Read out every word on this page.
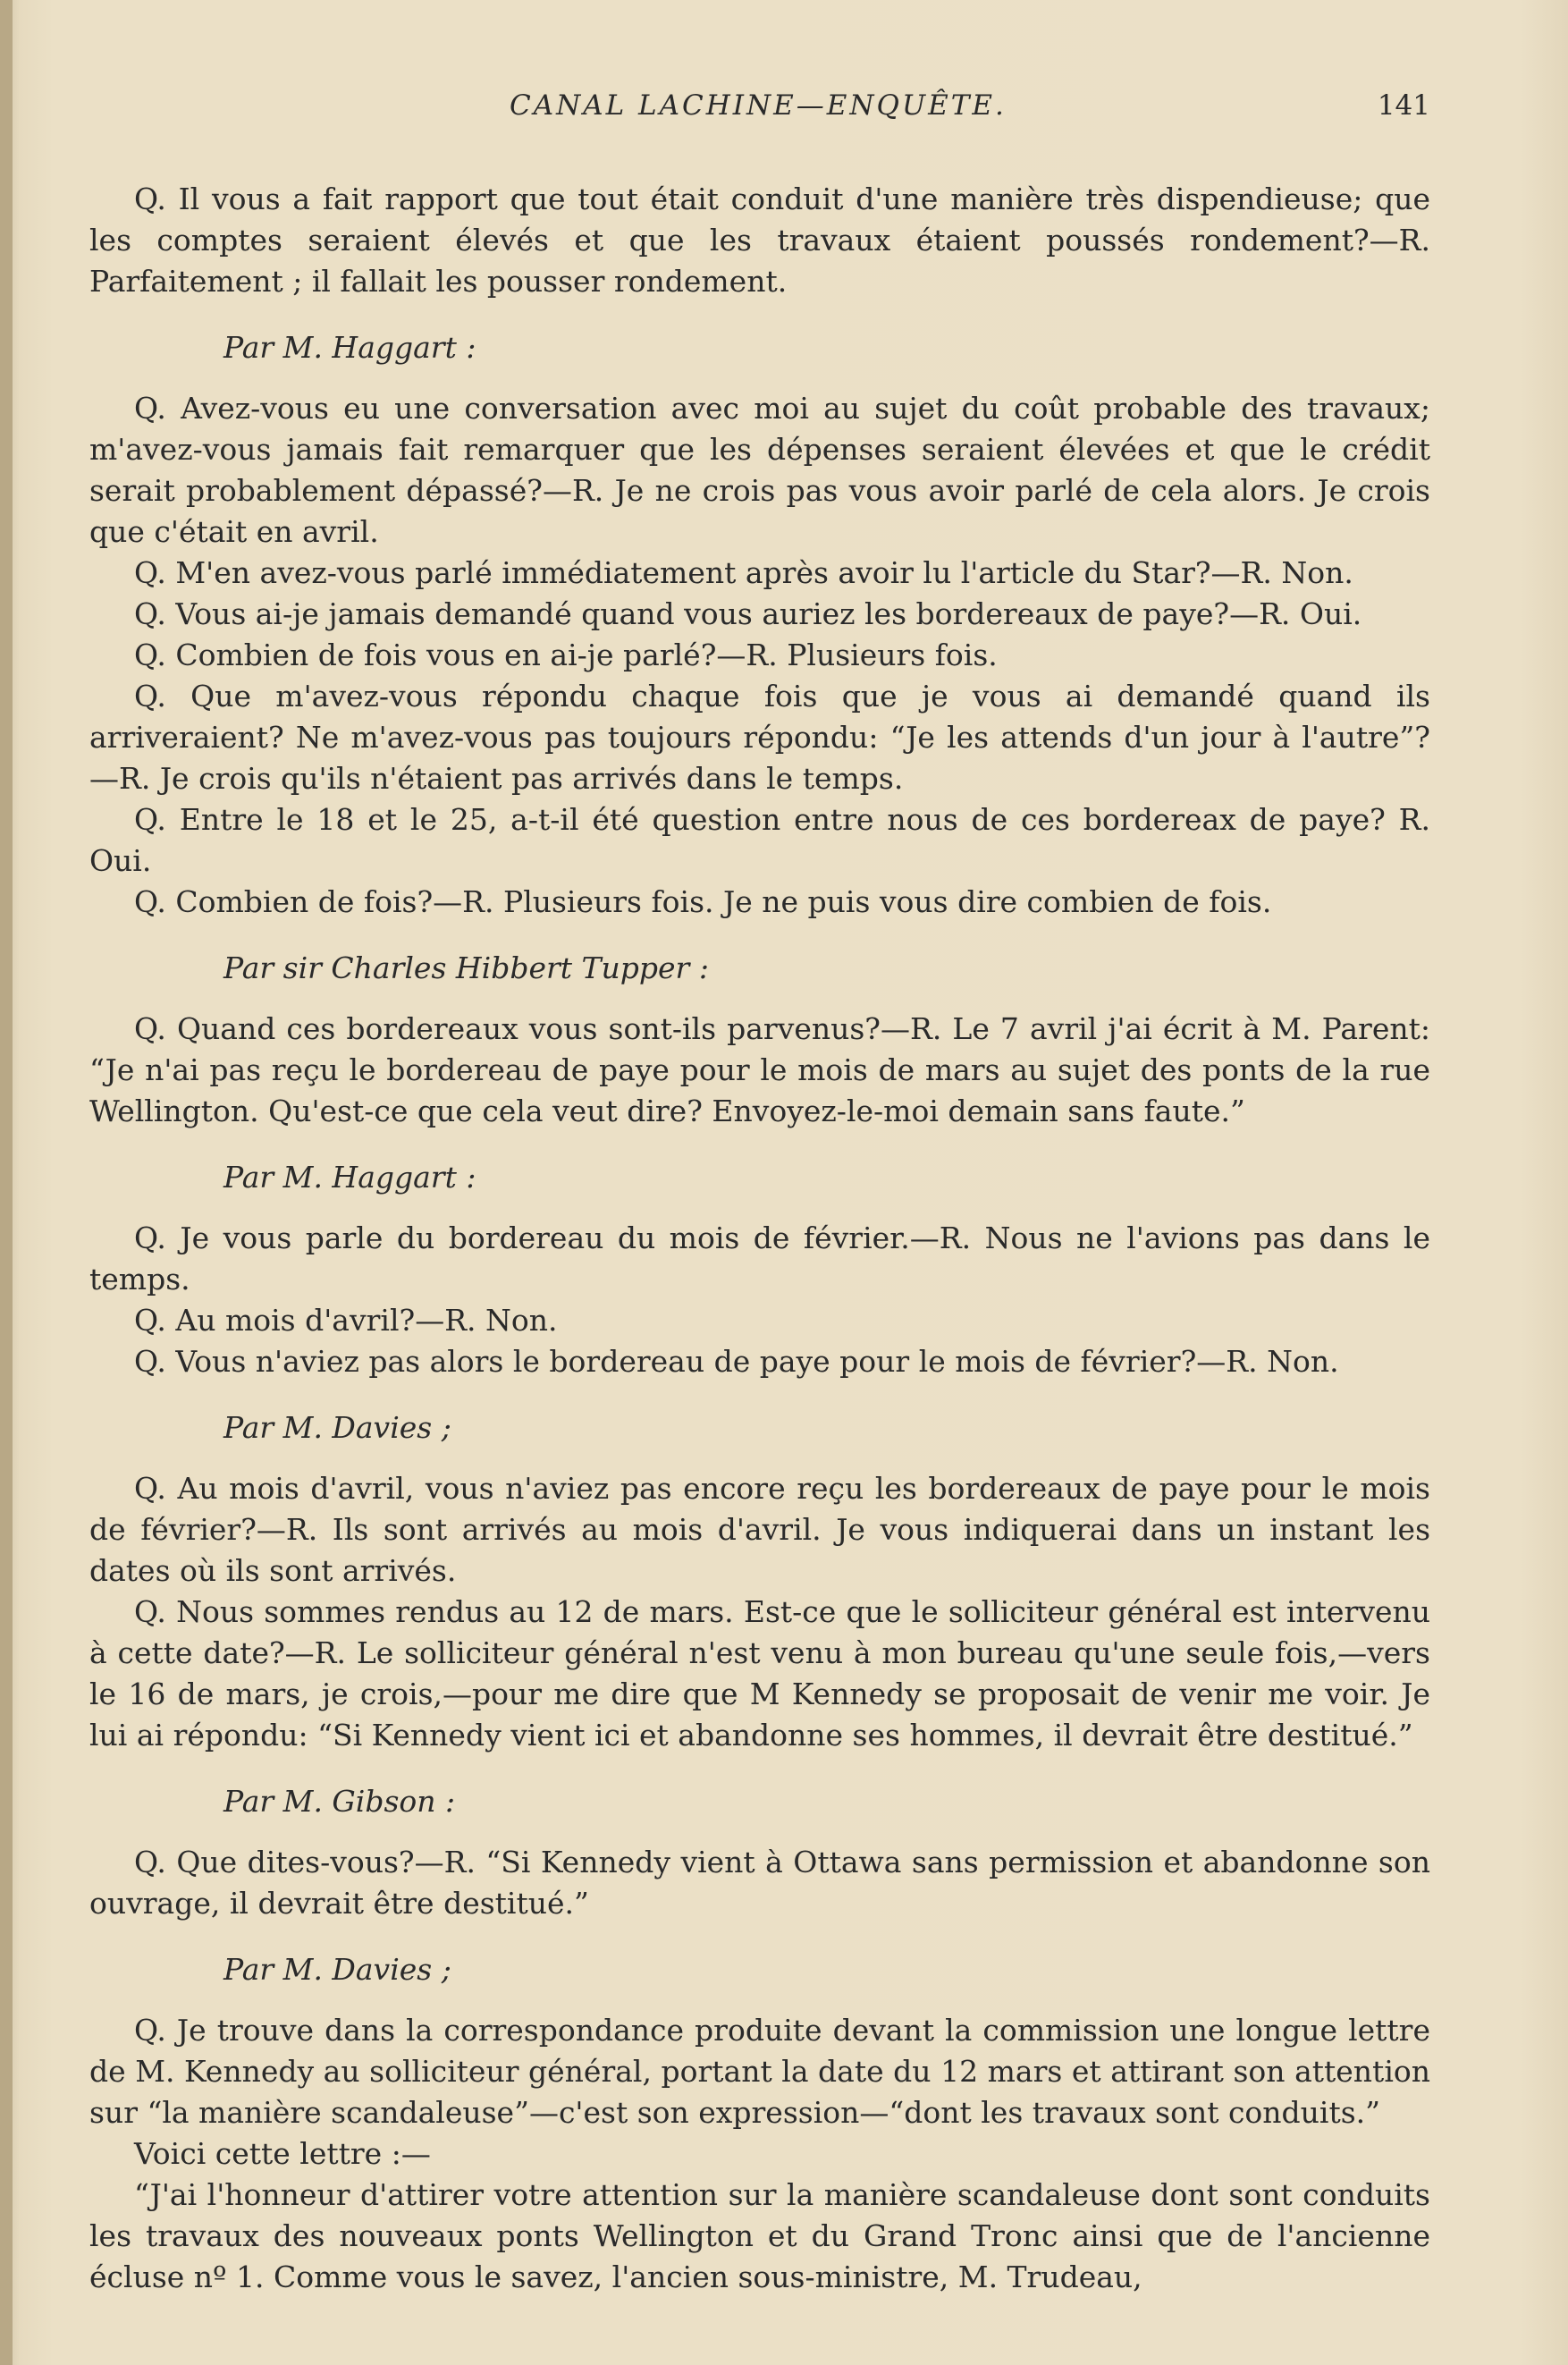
CANAL LACHINE—ENQUÊTE.	141

Q. Il vous a fait rapport que tout était conduit d'une manière très dispendieuse; que les comptes seraient élevés et que les travaux étaient poussés rondement?—R. Parfaitement ; il fallait les pousser rondement.

Par M. Haggart :

Q. Avez-vous eu une conversation avec moi au sujet du coût probable des travaux; m'avez-vous jamais fait remarquer que les dépenses seraient élevées et que le crédit serait probablement dépassé?—R. Je ne crois pas vous avoir parlé de cela alors. Je crois que c'était en avril.

Q. M'en avez-vous parlé immédiatement après avoir lu l'article du Star?—R. Non.

Q. Vous ai-je jamais demandé quand vous auriez les bordereaux de paye?—R. Oui.

Q. Combien de fois vous en ai-je parlé?—R. Plusieurs fois.

Q. Que m'avez-vous répondu chaque fois que je vous ai demandé quand ils arriveraient? Ne m'avez-vous pas toujours répondu: “Je les attends d'un jour à l'autre”?—R. Je crois qu'ils n'étaient pas arrivés dans le temps.

Q. Entre le 18 et le 25, a-t-il été question entre nous de ces bordereax de paye? R. Oui.

Q. Combien de fois?—R. Plusieurs fois. Je ne puis vous dire combien de fois.

Par sir Charles Hibbert Tupper :

Q. Quand ces bordereaux vous sont-ils parvenus?—R. Le 7 avril j'ai écrit à M. Parent: “Je n'ai pas reçu le bordereau de paye pour le mois de mars au sujet des ponts de la rue Wellington. Qu'est-ce que cela veut dire? Envoyez-le-moi demain sans faute.”

Par M. Haggart :

Q. Je vous parle du bordereau du mois de février.—R. Nous ne l'avions pas dans le temps.

Q. Au mois d'avril?—R. Non.

Q. Vous n'aviez pas alors le bordereau de paye pour le mois de février?—R. Non.

Par M. Davies ;

Q. Au mois d'avril, vous n'aviez pas encore reçu les bordereaux de paye pour le mois de février?—R. Ils sont arrivés au mois d'avril. Je vous indiquerai dans un instant les dates où ils sont arrivés.

Q. Nous sommes rendus au 12 de mars. Est-ce que le solliciteur général est intervenu à cette date?—R. Le solliciteur général n'est venu à mon bureau qu'une seule fois,—vers le 16 de mars, je crois,—pour me dire que M Kennedy se proposait de venir me voir. Je lui ai répondu: “Si Kennedy vient ici et abandonne ses hommes, il devrait être destitué.”

Par M. Gibson :

Q. Que dites-vous?—R. “Si Kennedy vient à Ottawa sans permission et abandonne son ouvrage, il devrait être destitué.”

Par M. Davies ;

Q. Je trouve dans la correspondance produite devant la commission une longue lettre de M. Kennedy au solliciteur général, portant la date du 12 mars et attirant son attention sur “la manière scandaleuse”—c'est son expression—“dont les travaux sont conduits.”

Voici cette lettre :—

“J'ai l'honneur d'attirer votre attention sur la manière scandaleuse dont sont conduits les travaux des nouveaux ponts Wellington et du Grand Tronc ainsi que de l'ancienne écluse nº 1. Comme vous le savez, l'ancien sous-ministre, M. Trudeau,
